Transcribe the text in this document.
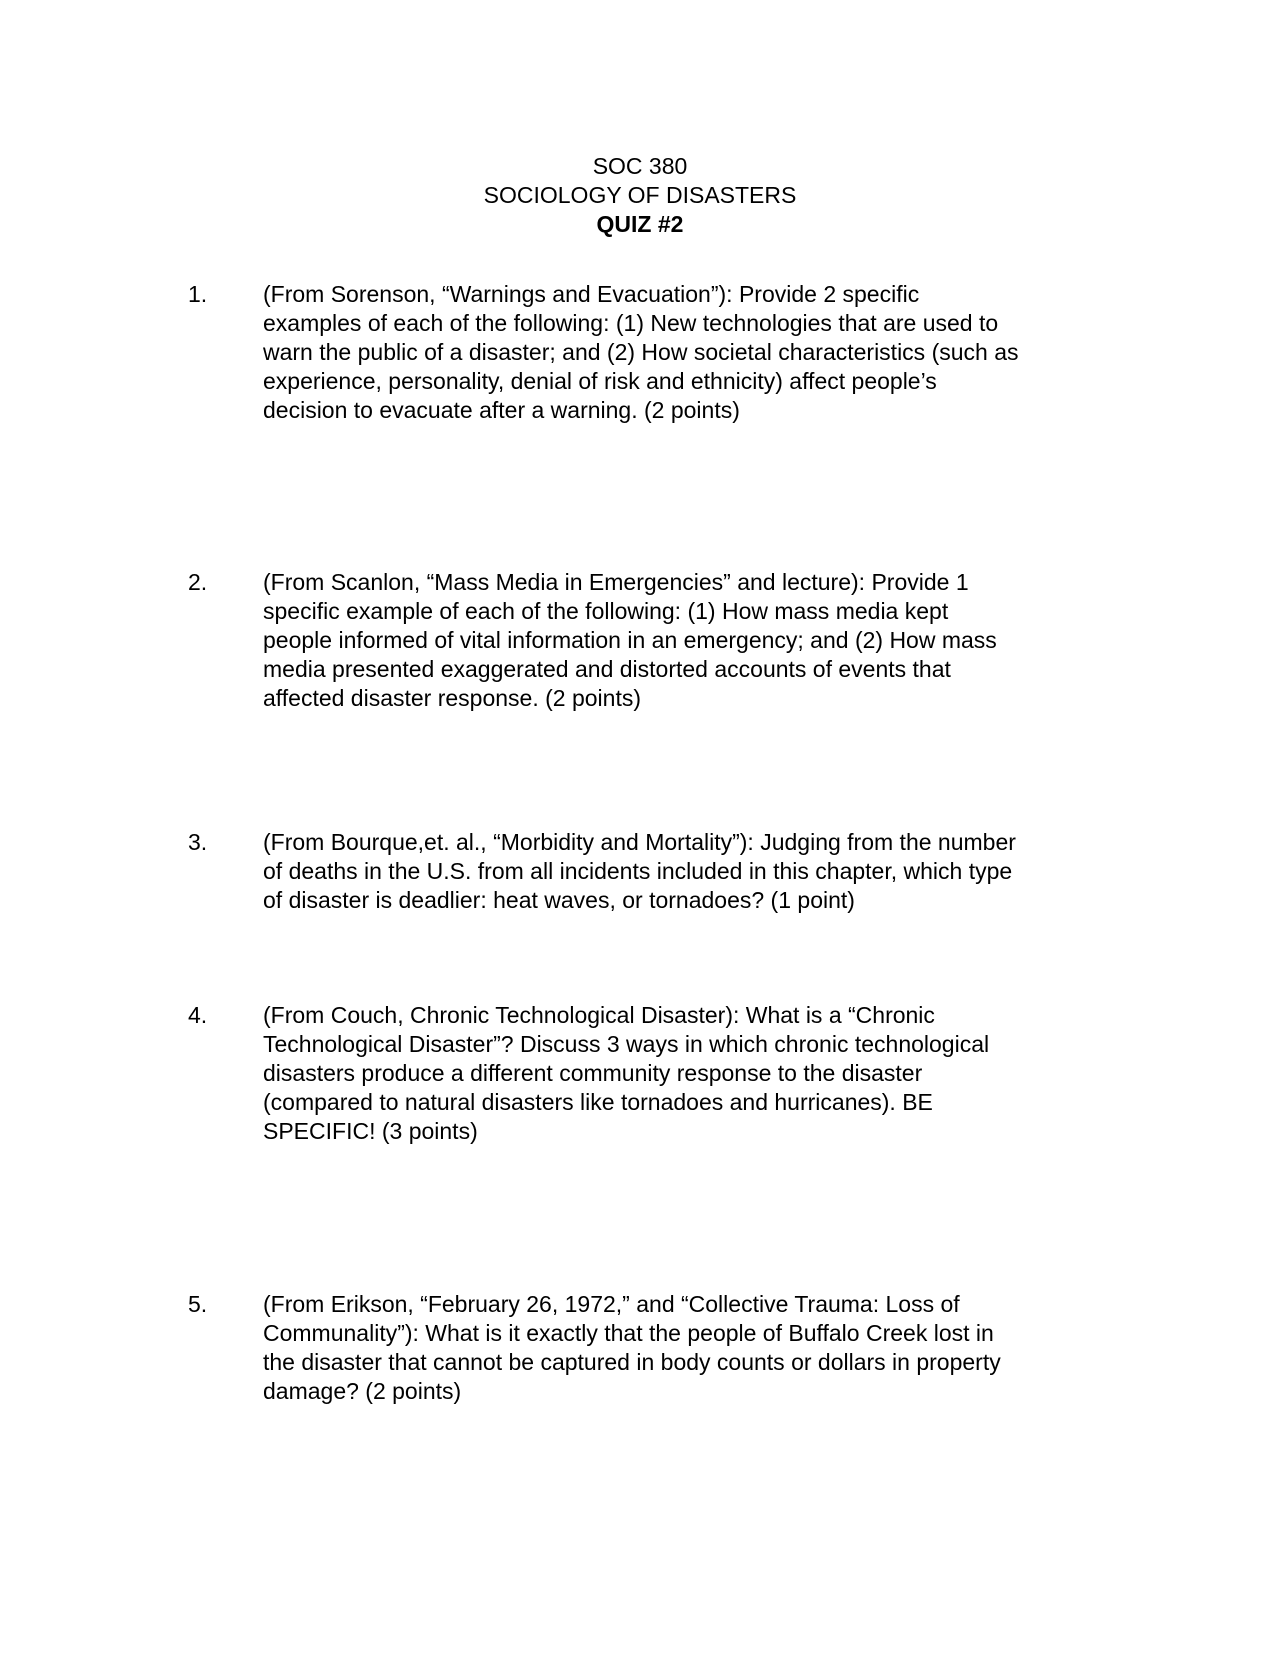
SOC 380
SOCIOLOGY OF DISASTERS
QUIZ #2
1. (From Sorenson, “Warnings and Evacuation”): Provide 2 specific
examples of each of the following: (1) New technologies that are used to
warn the public of a disaster; and (2) How societal characteristics (such as
experience, personality, denial of risk and ethnicity) affect people’s
decision to evacuate after a warning. (2 points)
2. (From Scanlon, “Mass Media in Emergencies” and lecture): Provide 1
specific example of each of the following: (1) How mass media kept
people informed of vital information in an emergency; and (2) How mass
media presented exaggerated and distorted accounts of events that
affected disaster response. (2 points)
3. (From Bourque,et. al., “Morbidity and Mortality”): Judging from the number
of deaths in the U.S. from all incidents included in this chapter, which type
of disaster is deadlier: heat waves, or tornadoes? (1 point)
4. (From Couch, Chronic Technological Disaster): What is a “Chronic
Technological Disaster”? Discuss 3 ways in which chronic technological
disasters produce a different community response to the disaster
(compared to natural disasters like tornadoes and hurricanes). BE
SPECIFIC! (3 points)
5. (From Erikson, “February 26, 1972,” and “Collective Trauma: Loss of
Communality”): What is it exactly that the people of Buffalo Creek lost in
the disaster that cannot be captured in body counts or dollars in property
damage? (2 points)
